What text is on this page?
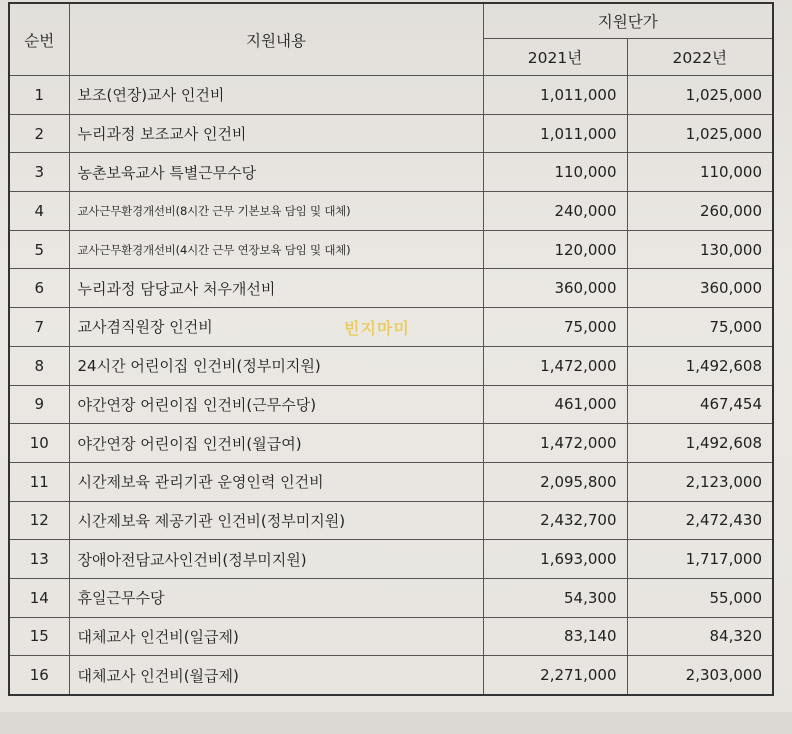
순번	지원내용	지원단가	
		2021년	2022년
1	보조(연장)교사 인건비	1,011,000	1,025,000
2	누리과정 보조교사 인건비	1,011,000	1,025,000
3	농촌보육교사 특별근무수당	110,000	110,000
4	교사근무환경개선비(8시간 근무 기본보육 담임 및 대체)	240,000	260,000
5	교사근무환경개선비(4시간 근무 연장보육 담임 및 대체)	120,000	130,000
6	누리과정 담당교사 처우개선비	360,000	360,000
7	교사겸직원장 인건비	75,000	75,000
8	24시간 어린이집 인건비(정부미지원)	1,472,000	1,492,608
9	야간연장 어린이집 인건비(근무수당)	461,000	467,454
10	야간연장 어린이집 인건비(월급여)	1,472,000	1,492,608
11	시간제보육 관리기관 운영인력 인건비	2,095,800	2,123,000
12	시간제보육 제공기관 인건비(정부미지원)	2,432,700	2,472,430
13	장애아전담교사인건비(정부미지원)	1,693,000	1,717,000
14	휴일근무수당	54,300	55,000
15	대체교사 인건비(일급제)	83,140	84,320
16	대체교사 인건비(월급제)	2,271,000	2,303,000
빈지마미
